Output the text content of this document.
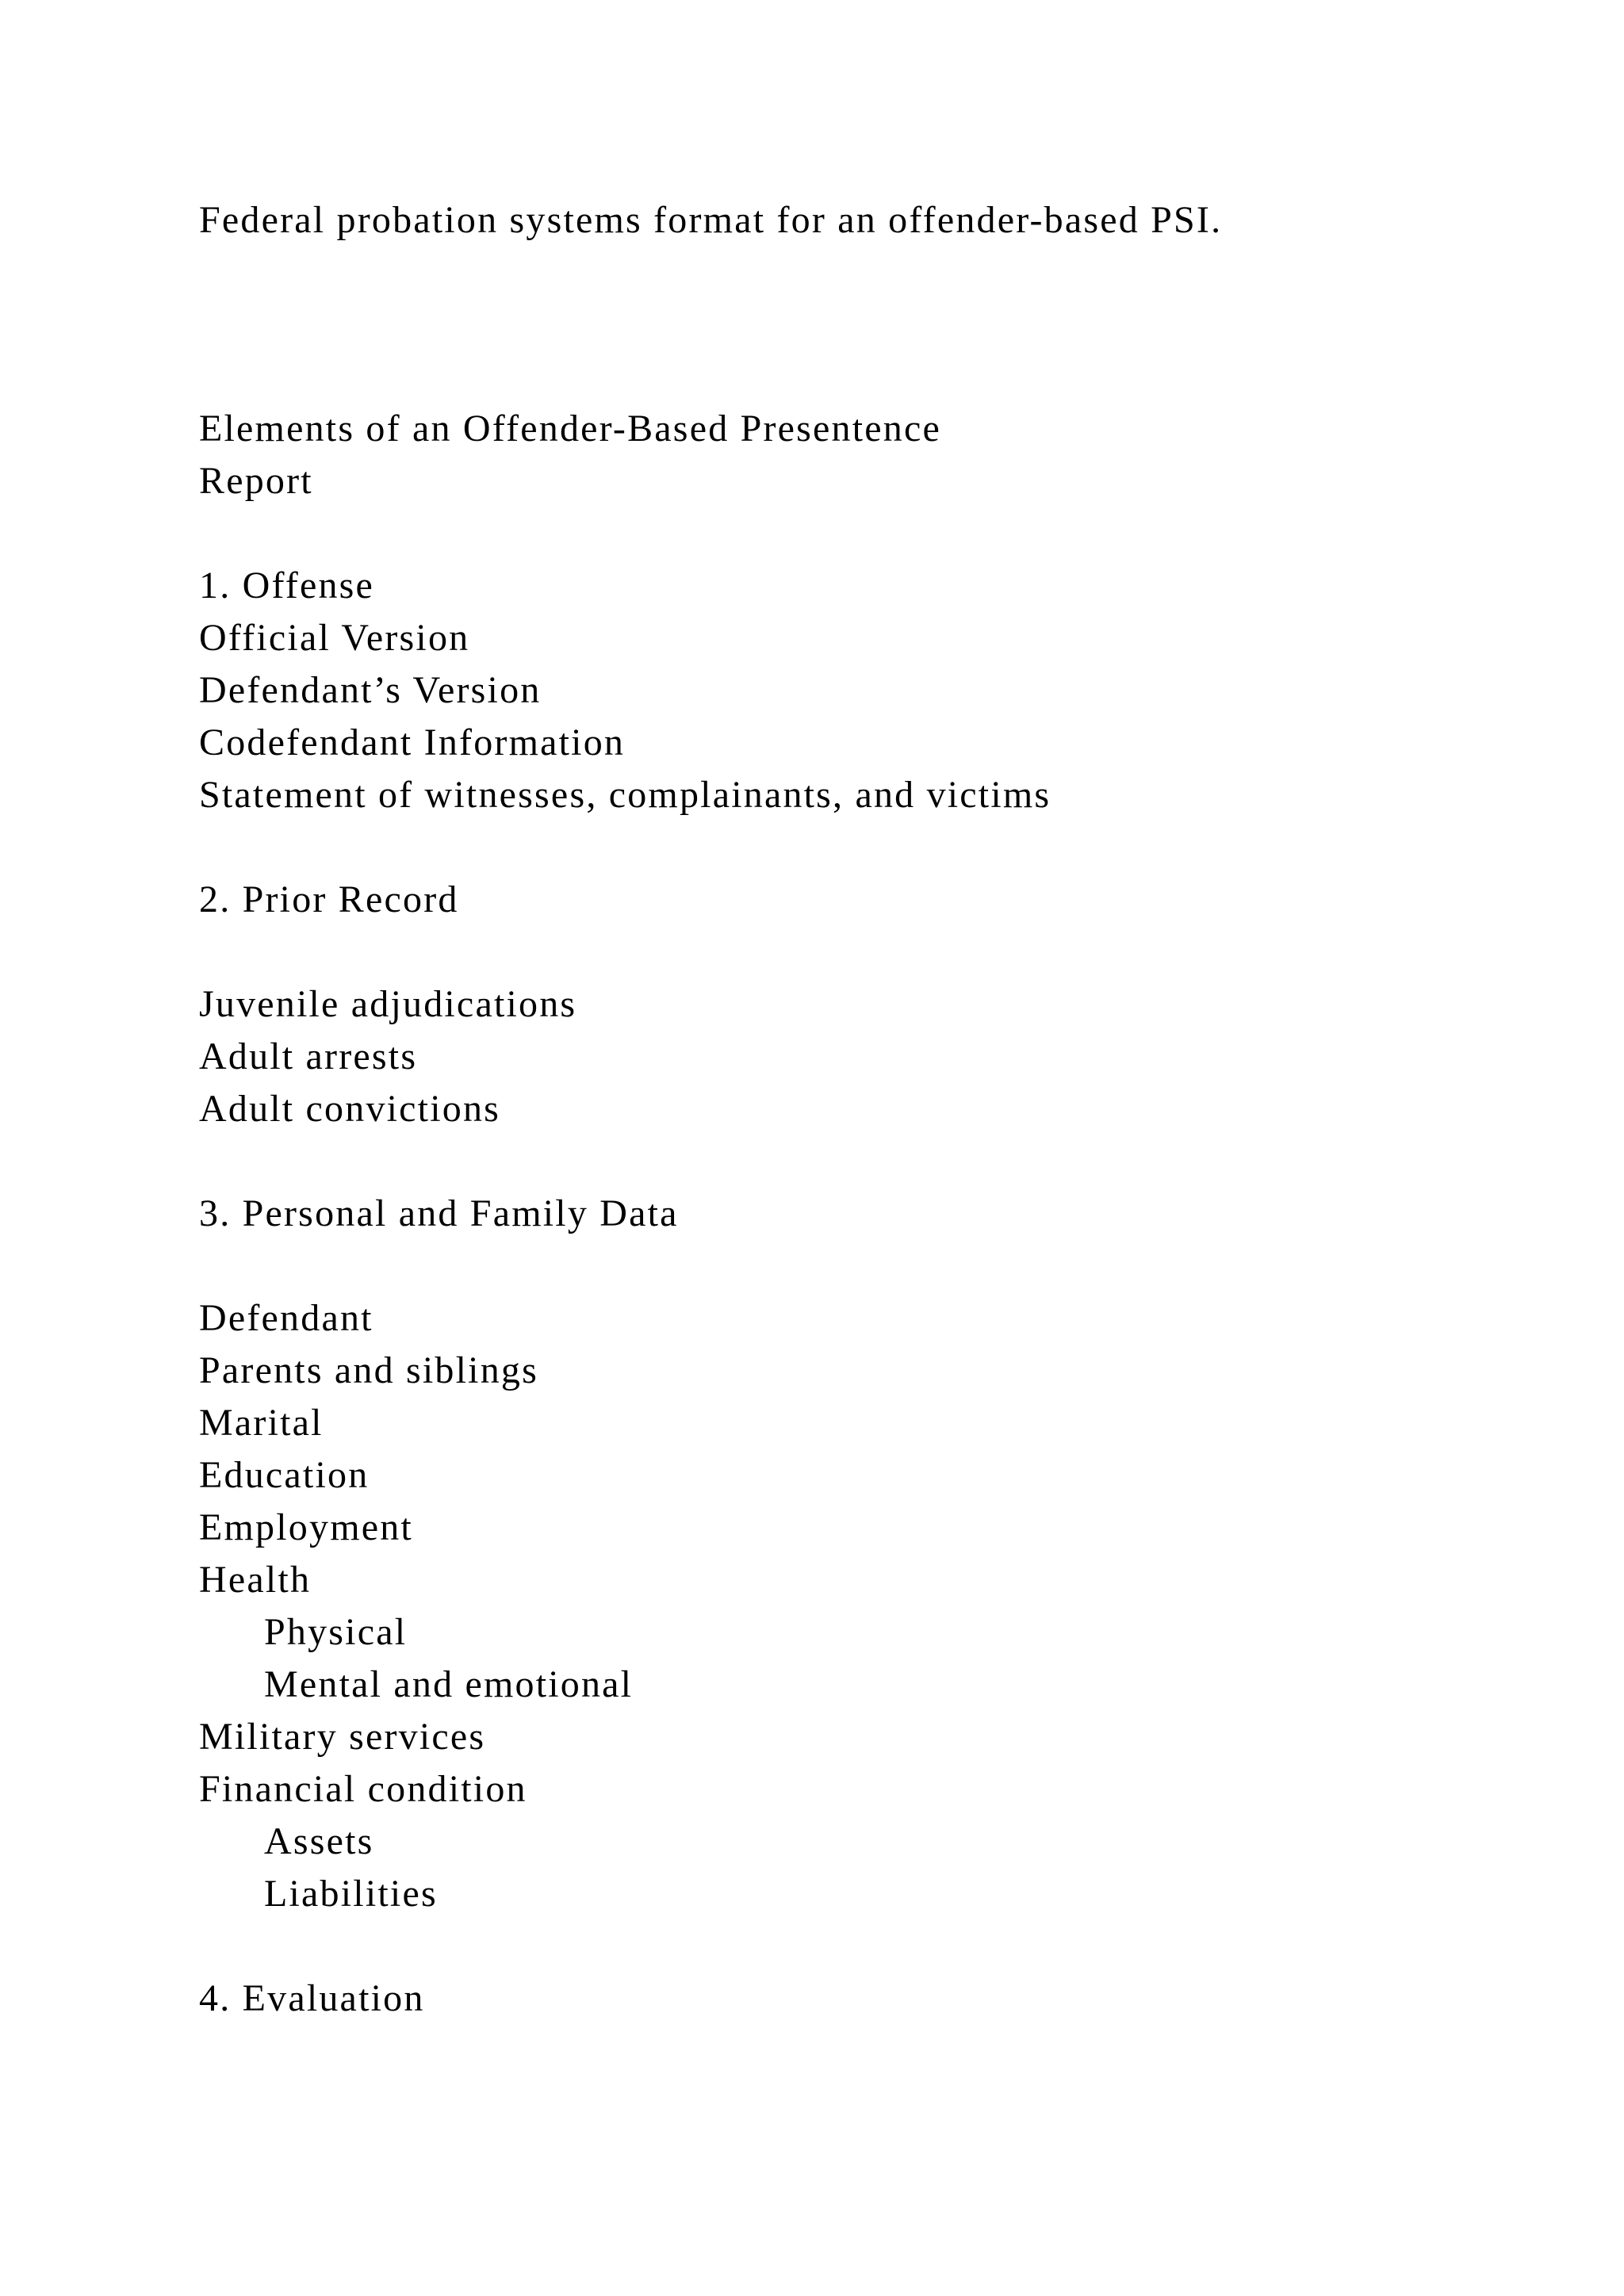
Federal probation systems format for an offender-based PSI.
Elements of an Offender-Based Presentence
Report
1. Offense
Official Version
Defendant’s Version
Codefendant Information
Statement of witnesses, complainants, and victims
2. Prior Record
Juvenile adjudications
Adult arrests
Adult convictions
3. Personal and Family Data
Defendant
Parents and siblings
Marital
Education
Employment
Health
Physical
Mental and emotional
Military services
Financial condition
Assets
Liabilities
4. Evaluation
